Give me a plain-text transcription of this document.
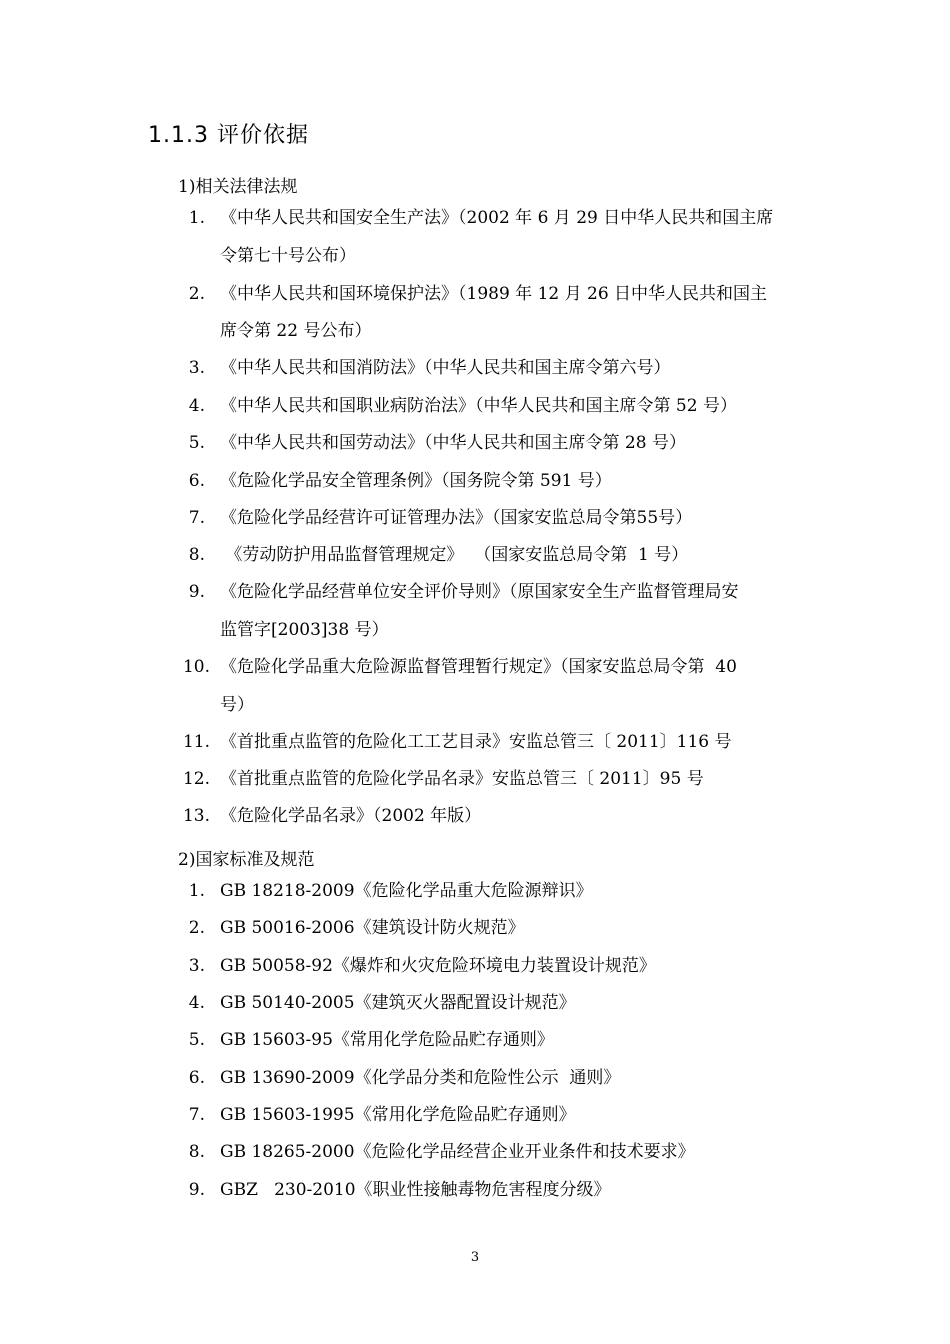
1.1.3 评价依据
1)相关法律法规
1. 《中华人民共和国安全生产法》（2002 年 6 月 29 日中华人民共和国主席
令第七十号公布）
2. 《中华人民共和国环境保护法》（1989 年 12 月 26 日中华人民共和国主
席令第 22 号公布）
3. 《中华人民共和国消防法》（中华人民共和国主席令第六号）
4. 《中华人民共和国职业病防治法》（中华人民共和国主席令第 52 号）
5. 《中华人民共和国劳动法》（中华人民共和国主席令第 28 号）
6. 《危险化学品安全管理条例》（国务院令第 591 号）
7. 《危险化学品经营许可证管理办法》（国家安监总局令第55号）
8. 《劳动防护用品监督管理规定》  （国家安监总局令第  1 号）
9. 《危险化学品经营单位安全评价导则》（原国家安全生产监督管理局安
监管字[2003]38 号）
10. 《危险化学品重大危险源监督管理暂行规定》（国家安监总局令第  40
号）
11. 《首批重点监管的危险化工工艺目录》安监总管三〔 2011〕116 号
12. 《首批重点监管的危险化学品名录》安监总管三〔 2011〕95 号
13. 《危险化学品名录》（2002 年版）
2)国家标准及规范
1. GB 18218-2009《危险化学品重大危险源辩识》
2. GB 50016-2006《建筑设计防火规范》
3. GB 50058-92《爆炸和火灾危险环境电力装置设计规范》
4. GB 50140-2005《建筑灭火器配置设计规范》
5. GB 15603-95《常用化学危险品贮存通则》
6. GB 13690-2009《化学品分类和危险性公示  通则》
7. GB 15603-1995《常用化学危险品贮存通则》
8. GB 18265-2000《危险化学品经营企业开业条件和技术要求》
9. GBZ   230-2010《职业性接触毒物危害程度分级》
3
